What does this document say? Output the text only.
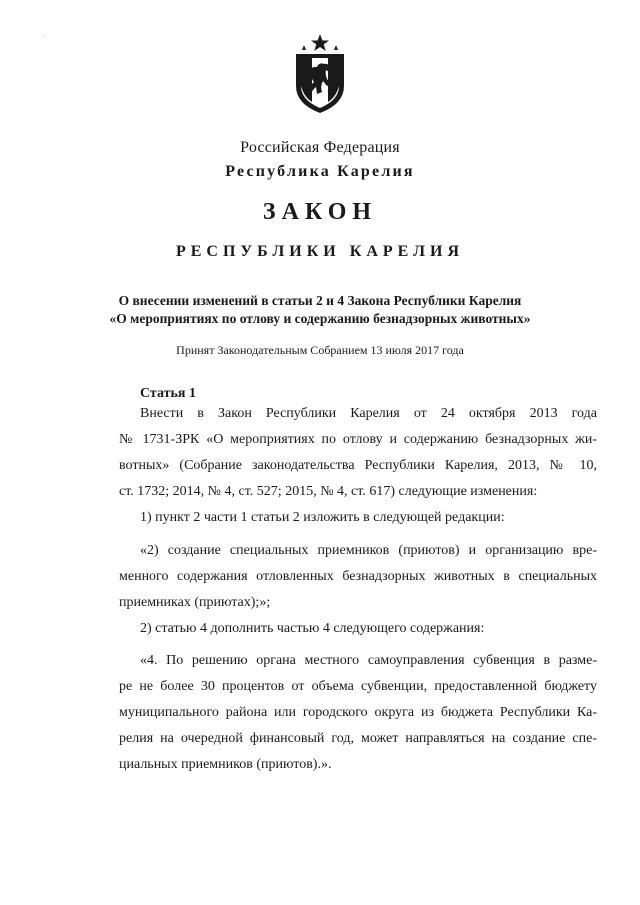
Российская Федерация
Республика Карелия
ЗАКОН
РЕСПУБЛИКИ КАРЕЛИЯ
О внесении изменений в статьи 2 и 4 Закона Республики Карелия
«О мероприятиях по отлову и содержанию безнадзорных животных»
Принят Законодательным Собранием 13 июля 2017 года
Статья 1
Внести в Закон Республики Карелия от 24 октября 2013 года
№ 1731-ЗРК «О мероприятиях по отлову и содержанию безнадзорных жи-
вотных» (Собрание законодательства Республики Карелия, 2013, № 10,
ст. 1732; 2014, № 4, ст. 527; 2015, № 4, ст. 617) следующие изменения:
1) пункт 2 части 1 статьи 2 изложить в следующей редакции:
«2) создание специальных приемников (приютов) и организацию вре-
менного содержания отловленных безнадзорных животных в специальных
приемниках (приютах);»;
2) статью 4 дополнить частью 4 следующего содержания:
«4. По решению органа местного самоуправления субвенция в разме-
ре не более 30 процентов от объема субвенции, предоставленной бюджету
муниципального района или городского округа из бюджета Республики Ка-
релия на очередной финансовый год, может направляться на создание спе-
циальных приемников (приютов).».
